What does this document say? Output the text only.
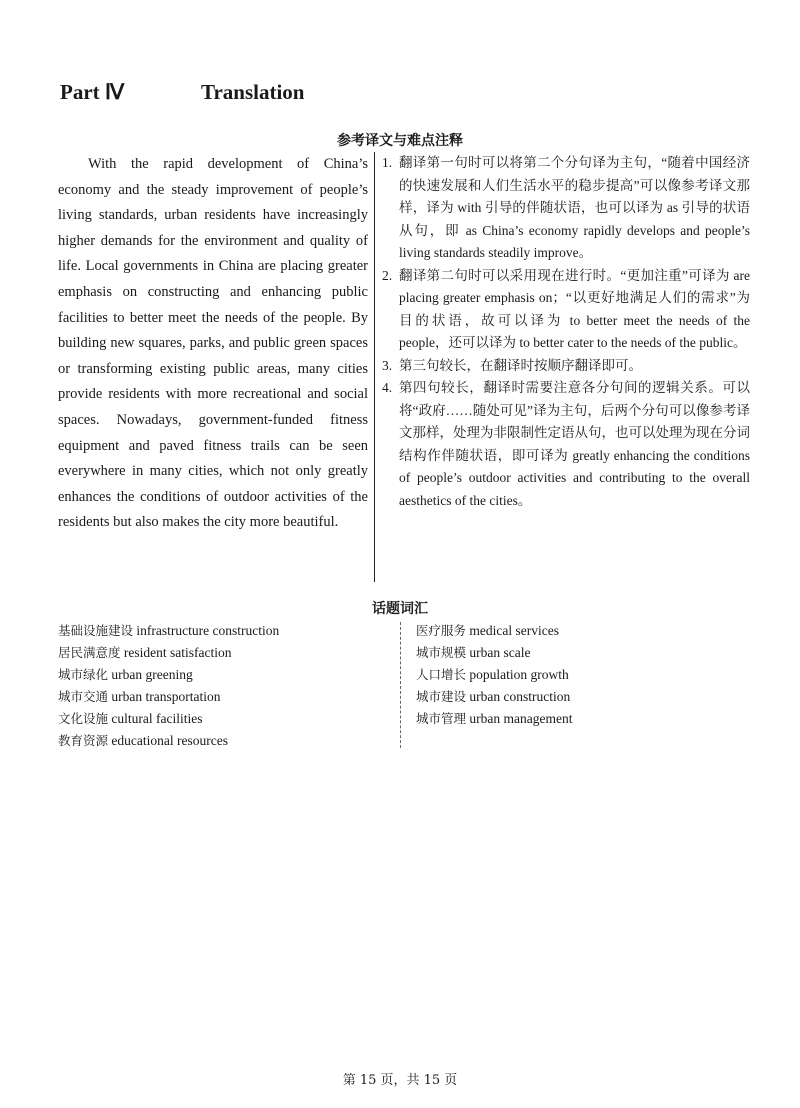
Part Ⅳ	Translation
参考译文与难点注释

With the rapid development of China’s economy and the steady improvement of people’s living standards, urban residents have increasingly higher demands for the environment and quality of life. Local governments in China are placing greater emphasis on constructing and enhancing public facilities to better meet the needs of the people. By building new squares, parks, and public green spaces or transforming existing public areas, many cities provide residents with more recreational and social spaces. Nowadays, government-funded fitness equipment and paved fitness trails can be seen everywhere in many cities, which not only greatly enhances the conditions of outdoor activities of the residents but also makes the city more beautiful.

1. 翻译第一句时可以将第二个分句译为主句，“随着中国经济的快速发展和人们生活水平的稳步提高”可以像参考译文那样，译为 with 引导的伴随状语，也可以译为 as 引导的状语从句，即 as China’s economy rapidly develops and people’s living standards steadily improve。
2. 翻译第二句时可以采用现在进行时。“更加注重”可译为 are placing greater emphasis on；“以更好地满足人们的需求”为目的状语，故可以译为 to better meet the needs of the people，还可以译为 to better cater to the needs of the public。
3. 第三句较长，在翻译时按顺序翻译即可。
4. 第四句较长，翻译时需要注意各分句间的逻辑关系。可以将“政府……随处可见”译为主句，后两个分句可以像参考译文那样，处理为非限制性定语从句，也可以处理为现在分词结构作伴随状语，即可译为 greatly enhancing the conditions of people’s outdoor activities and contributing to the overall aesthetics of the cities。
话题词汇
基础设施建设 infrastructure construction
居民满意度 resident satisfaction
城市绿化 urban greening
城市交通 urban transportation
文化设施 cultural facilities
教育资源 educational resources
医疗服务 medical services
城市规模 urban scale
人口增长 population growth
城市建设 urban construction
城市管理 urban management
第 15 页，共 15 页
